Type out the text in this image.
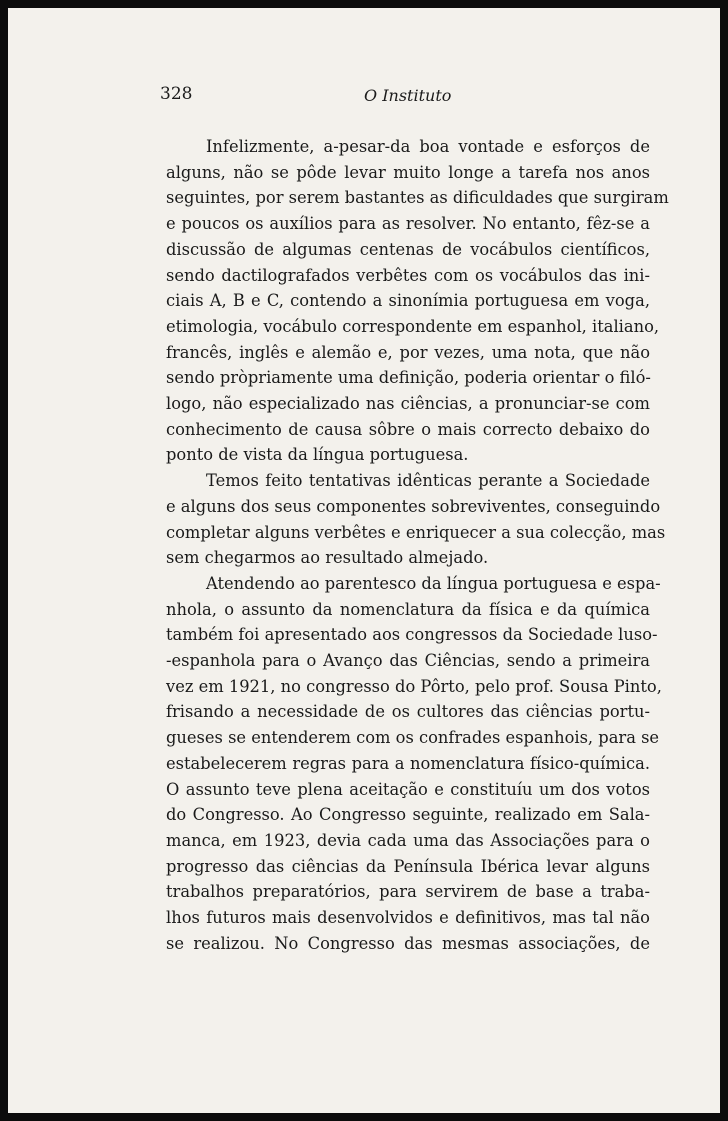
328	O Instituto
Infelizmente, a-pesar-da boa vontade e esforços de
alguns, não se pôde levar muito longe a tarefa nos anos
seguintes, por serem bastantes as dificuldades que surgiram
e poucos os auxílios para as resolver. No entanto, fêz-se a
discussão de algumas centenas de vocábulos científicos,
sendo dactilografados verbêtes com os vocábulos das ini-
ciais A, B e C, contendo a sinonímia portuguesa em voga,
etimologia, vocábulo correspondente em espanhol, italiano,
francês, inglês e alemão e, por vezes, uma nota, que não
sendo pròpriamente uma definição, poderia orientar o filó-
logo, não especializado nas ciências, a pronunciar-se com
conhecimento de causa sôbre o mais correcto debaixo do
ponto de vista da língua portuguesa.
Temos feito tentativas idênticas perante a Sociedade
e alguns dos seus componentes sobreviventes, conseguindo
completar alguns verbêtes e enriquecer a sua colecção, mas
sem chegarmos ao resultado almejado.
Atendendo ao parentesco da língua portuguesa e espa-
nhola, o assunto da nomenclatura da física e da química
também foi apresentado aos congressos da Sociedade luso-
-espanhola para o Avanço das Ciências, sendo a primeira
vez em 1921, no congresso do Pôrto, pelo prof. Sousa Pinto,
frisando a necessidade de os cultores das ciências portu-
gueses se entenderem com os confrades espanhois, para se
estabelecerem regras para a nomenclatura físico-química.
O assunto teve plena aceitação e constituíu um dos votos
do Congresso. Ao Congresso seguinte, realizado em Sala-
manca, em 1923, devia cada uma das Associações para o
progresso das ciências da Península Ibérica levar alguns
trabalhos preparatórios, para servirem de base a traba-
lhos futuros mais desenvolvidos e definitivos, mas tal não
se realizou. No Congresso das mesmas associações, de
